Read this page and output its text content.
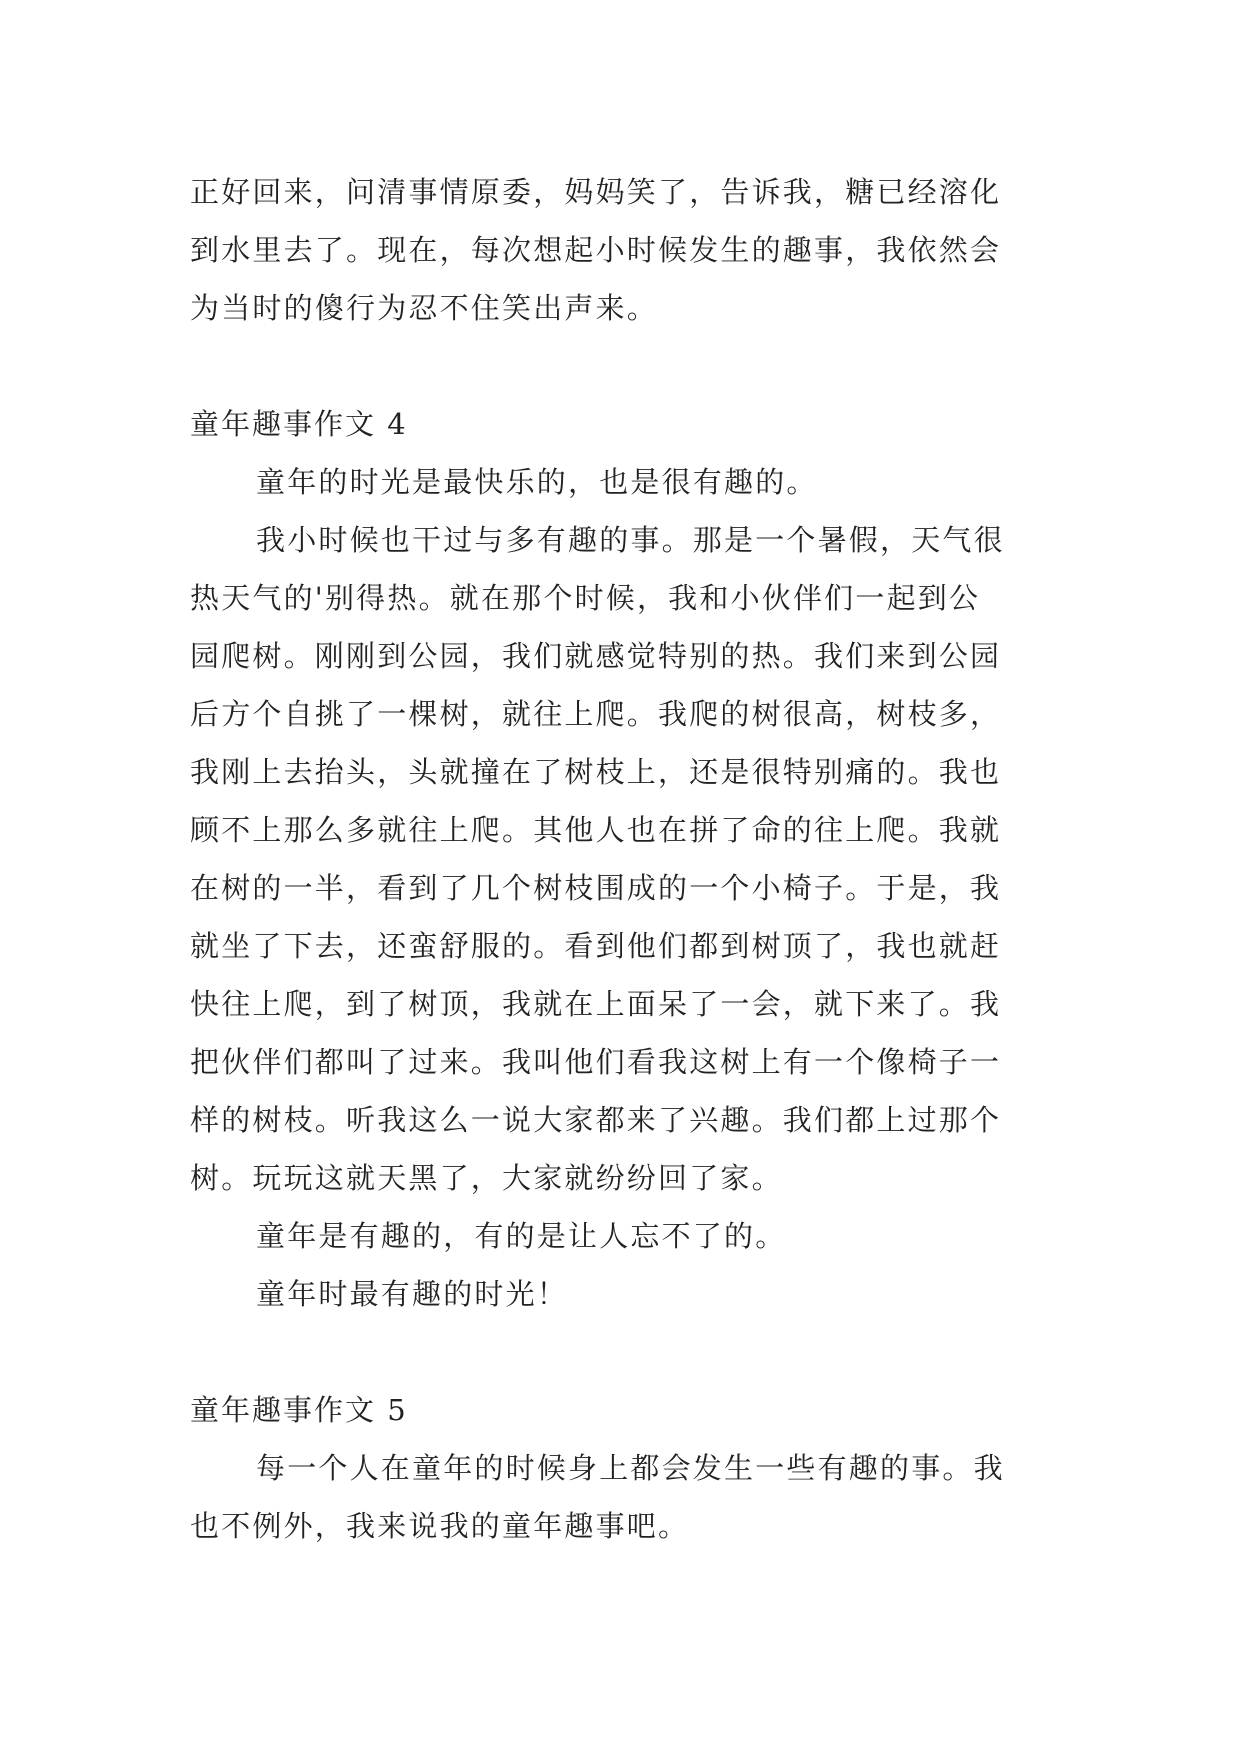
正好回来，问清事情原委，妈妈笑了，告诉我，糖已经溶化
到水里去了。现在，每次想起小时候发生的趣事，我依然会
为当时的傻行为忍不住笑出声来。
童年趣事作文 4
童年的时光是最快乐的，也是很有趣的。
我小时候也干过与多有趣的事。那是一个暑假，天气很
热天气的'别得热。就在那个时候，我和小伙伴们一起到公
园爬树。刚刚到公园，我们就感觉特别的热。我们来到公园
后方个自挑了一棵树，就往上爬。我爬的树很高，树枝多，
我刚上去抬头，头就撞在了树枝上，还是很特别痛的。我也
顾不上那么多就往上爬。其他人也在拼了命的往上爬。我就
在树的一半，看到了几个树枝围成的一个小椅子。于是，我
就坐了下去，还蛮舒服的。看到他们都到树顶了，我也就赶
快往上爬，到了树顶，我就在上面呆了一会，就下来了。我
把伙伴们都叫了过来。我叫他们看我这树上有一个像椅子一
样的树枝。听我这么一说大家都来了兴趣。我们都上过那个
树。玩玩这就天黑了，大家就纷纷回了家。
童年是有趣的，有的是让人忘不了的。
童年时最有趣的时光！
童年趣事作文 5
每一个人在童年的时候身上都会发生一些有趣的事。我
也不例外，我来说我的童年趣事吧。
